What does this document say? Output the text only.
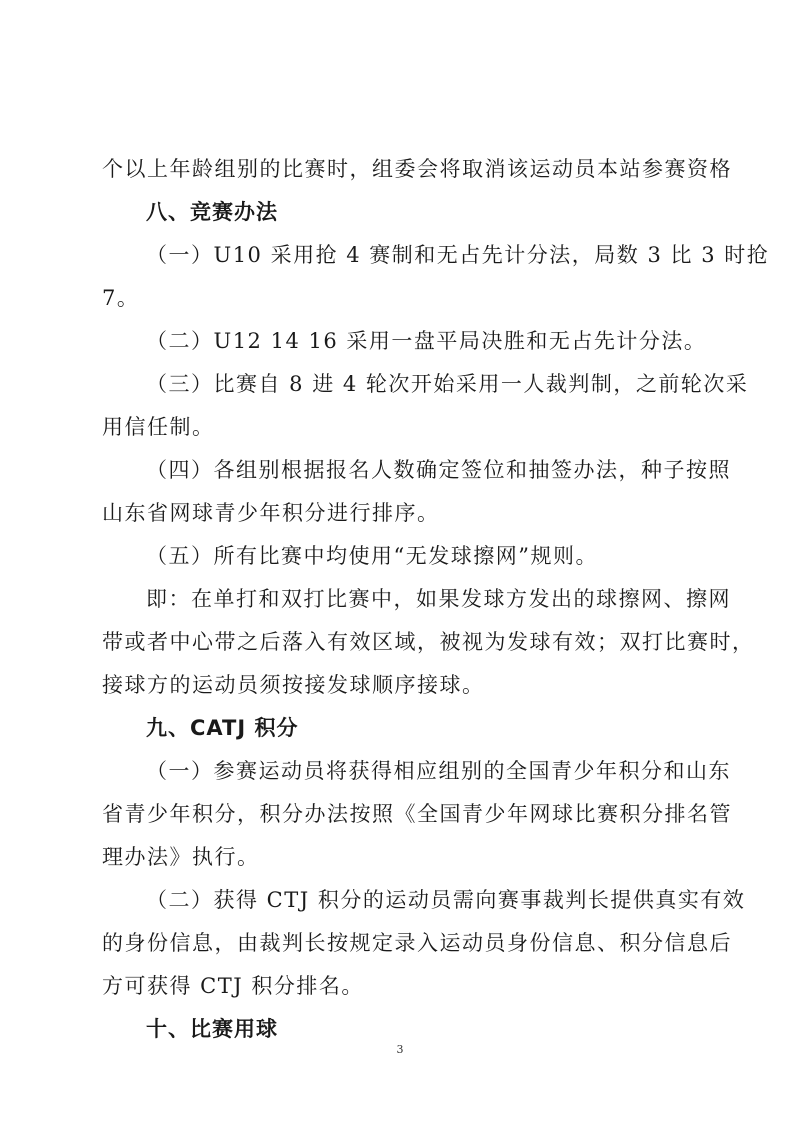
个以上年龄组别的比赛时，组委会将取消该运动员本站参赛资格
八、竞赛办法
（一）U10 采用抢 4 赛制和无占先计分法，局数 3 比 3 时抢
7。
（二）U12 14 16 采用一盘平局决胜和无占先计分法。
（三）比赛自 8 进 4 轮次开始采用一人裁判制，之前轮次采
用信任制。
（四）各组别根据报名人数确定签位和抽签办法，种子按照
山东省网球青少年积分进行排序。
（五）所有比赛中均使用“无发球擦网”规则。
即：在单打和双打比赛中，如果发球方发出的球擦网、擦网
带或者中心带之后落入有效区域，被视为发球有效；双打比赛时，
接球方的运动员须按接发球顺序接球。
九、CATJ 积分
（一）参赛运动员将获得相应组别的全国青少年积分和山东
省青少年积分，积分办法按照《全国青少年网球比赛积分排名管
理办法》执行。
（二）获得 CTJ 积分的运动员需向赛事裁判长提供真实有效
的身份信息，由裁判长按规定录入运动员身份信息、积分信息后
方可获得 CTJ 积分排名。
十、比赛用球
3
